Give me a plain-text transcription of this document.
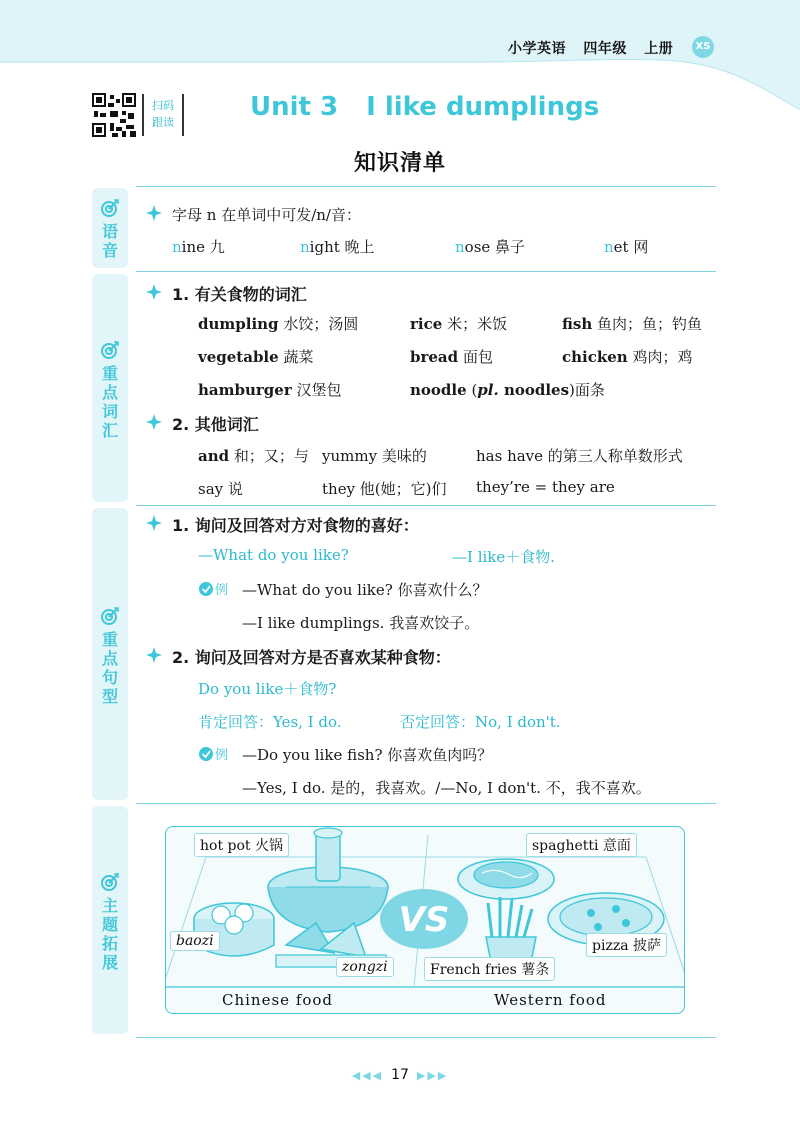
小学英语 四年级 上册	XS
扫码
跟读
Unit 3 I like dumplings
知识清单
语
音
重
点
词
汇
重
点
句
型
主
题
拓
展
字母 n 在单词中可发/n/音：
nine 九	night 晚上	nose 鼻子	net 网
1. 有关食物的词汇
dumpling 水饺；汤圆	rice 米；米饭	fish 鱼肉；鱼；钓鱼
vegetable 蔬菜	bread 面包	chicken 鸡肉；鸡
hamburger 汉堡包	noodle (pl. noodles)面条
2. 其他词汇
and 和；又；与 yummy 美味的	has have 的第三人称单数形式
say 说	they 他(她；它)们 they’re = they are
1. 询问及回答对方对食物的喜好：
—What do you like?	—I like＋食物.
例 —What do you like? 你喜欢什么？
—I like dumplings. 我喜欢饺子。
2. 询问及回答对方是否喜欢某种食物：
Do you like＋食物?
肯定回答：Yes, I do.	否定回答：No, I don't.
例 —Do you like fish? 你喜欢鱼肉吗？
—Yes, I do. 是的，我喜欢。/—No, I don't. 不，我不喜欢。
VS
hot pot 火锅	spaghetti 意面
baozi
zongzi	French fries 薯条
pizza 披萨
Chinese food	Western food
◀◀◀ 17 ▶▶▶
